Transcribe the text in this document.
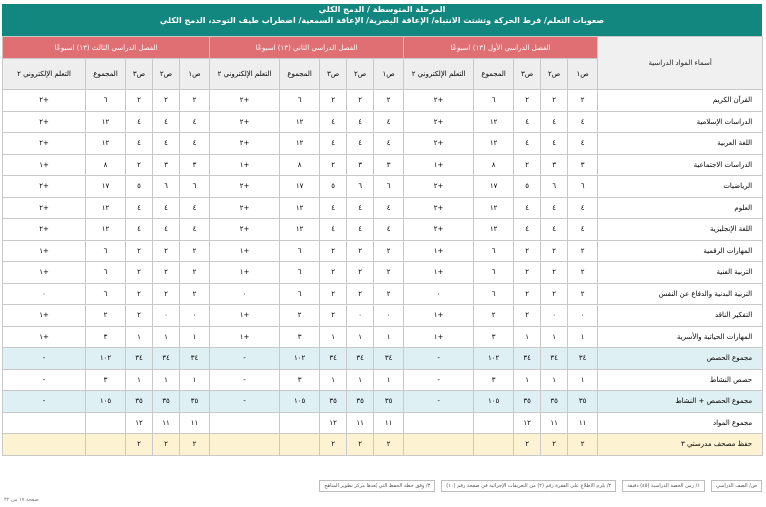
المرحلة المتوسطة / الدمج الكلي
صعوبات التعلم/ فرط الحركة وتشتت الانتباه/ الإعاقة البصرية/ الإعاقة السمعية/ اضطراب طيف التوحد، الدمج الكلي
أسماء المواد الدراسية	الفصل الدراسي الأول (١٣) اسبوعًا					الفصل الدراسي الثاني (١٣) اسبوعًا					الفصل الدراسي الثالث (١٣) اسبوعًا				
	ص١	ص٢	ص٣	المجموع	التعلم الإلكتروني ٢	ص١	ص٢	ص٣	المجموع	التعلم الإلكتروني ٢	ص١	ص٢	ص٣	المجموع	التعلم الإلكتروني ٢
القرآن الكريم	٢	٢	٢	٦	+٢	٢	٢	٢	٦	+٢	٢	٢	٢	٦	+٢
الدراسات الإسلامية	٤	٤	٤	١٢	+٢	٤	٤	٤	١٢	+٢	٤	٤	٤	١٢	+٢
اللغة العربية	٤	٤	٤	١٢	+٢	٤	٤	٤	١٢	+٢	٤	٤	٤	١٢	+٢
الدراسات الاجتماعية	٣	٣	٢	٨	+١	٣	٣	٢	٨	+١	٣	٣	٢	٨	+١
الرياضيات	٦	٦	٥	١٧	+٢	٦	٦	٥	١٧	+٢	٦	٦	٥	١٧	+٢
العلوم	٤	٤	٤	١٢	+٢	٤	٤	٤	١٢	+٢	٤	٤	٤	١٢	+٢
اللغة الإنجليزية	٤	٤	٤	١٢	+٢	٤	٤	٤	١٢	+٢	٤	٤	٤	١٢	+٢
المهارات الرقمية	٢	٢	٢	٦	+١	٢	٢	٢	٦	+١	٢	٢	٢	٦	+١
التربية الفنية	٢	٢	٢	٦	+١	٢	٢	٢	٦	+١	٢	٢	٢	٦	+١
التربية البدنية والدفاع عن النفس	٢	٢	٢	٦	٠	٢	٢	٢	٦	٠	٢	٢	٢	٦	٠
التفكير الناقد	٠	٠	٢	٢	+١	٠	٠	٢	٢	+١	٠	٠	٢	٢	+١
المهارات الحياتية والأسرية	١	١	١	٣	+١	١	١	١	٣	+١	١	١	١	٣	+١
مجموع الحصص	٣٤	٣٤	٣٤	١٠٢	-	٣٤	٣٤	٣٤	١٠٢	-	٣٤	٣٤	٣٤	١٠٢	-
حصص النشاط	١	١	١	٣	-	١	١	١	٣	-	١	١	١	٣	-
مجموع الحصص + النشاط	٣٥	٣٥	٣٥	١٠٥	-	٣٥	٣٥	٣٥	١٠٥	-	٣٥	٣٥	٣٥	١٠٥	-
مجموع المواد	١١	١١	١٢			١١	١١	١٢			١١	١١	١٢		
حفظ مصحف مدرستي ٣	٢	٢	٢			٢	٢	٢			٢	٢	٢		
ص/ الصف الدراسي
١/ زمن الحصة الدراسية (٤٥) دقيقة
٢/ يلزم الاطلاع على الفقرة رقم (٢) من التعريفات الإجرائية في صفحة رقم (١٠)
٣/ وفق خطة الحفظ التي يُعدها مركز تطوير المناهج
صفحة ١٧ من ٣٢
